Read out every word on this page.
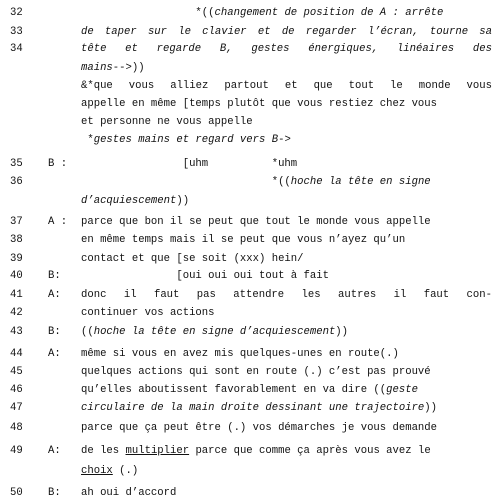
32	*((changement de position de A : arrête
33	de taper sur le clavier et de regarder l’écran, tourne sa
34	tête et regarde B, gestes énergiques, linéaires des
mains-->))
&*que vous alliez partout et que tout le monde vous
appelle en même [temps plutôt que vous restiez chez vous
et personne ne vous appelle
*gestes mains et regard vers B->
35	B :	[uhm          *uhm
36	*((hoche la tête en signe
d’acquiescement))
37	A :	parce que bon il se peut que tout le monde vous appelle
38	en même temps mais il se peut que vous n’ayez qu’un
39	contact et que [se soit (xxx) hein/
40	B:	[oui oui oui tout à fait
41	A:	donc il faut pas attendre les autres il faut con-
42	continuer vos actions
43	B:	((hoche la tête en signe d’acquiescement))
44	A:	même si vous en avez mis quelques-unes en route(.)
45	quelques actions qui sont en route (.) c’est pas prouvé
46	qu’elles aboutissent favorablement en va dire ((geste
47	circulaire de la main droite dessinant une trajectoire))
48	parce que ça peut être (.) vos démarches je vous demande
49	A:	de les multiplier parce que comme ça après vous avez le
choix (.)
50	B:	ah oui d’accord
